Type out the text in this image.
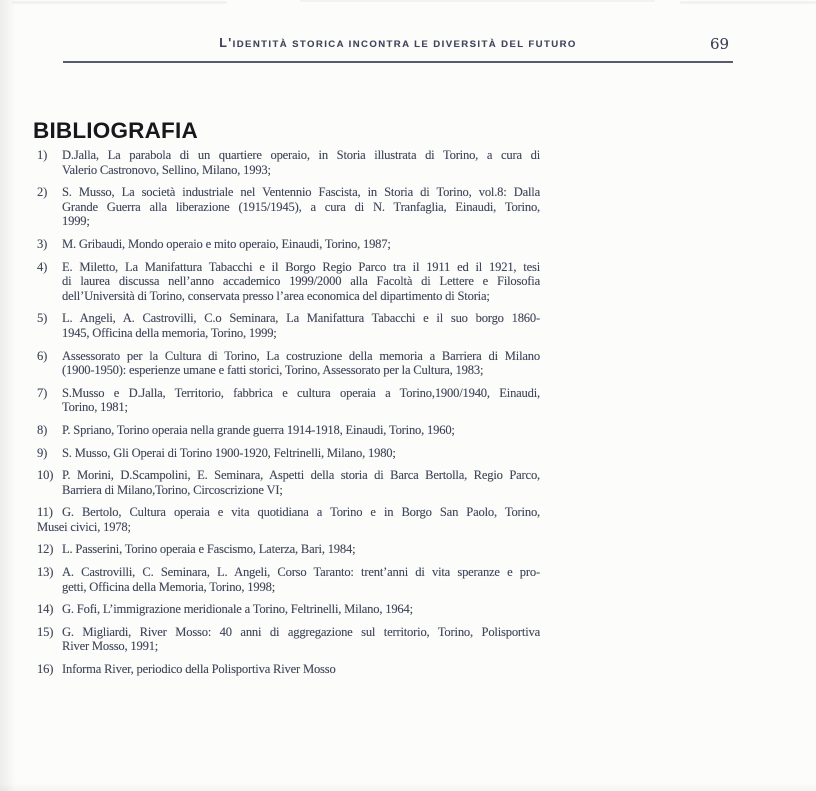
L'IDENTITÀ STORICA INCONTRA LE DIVERSITÀ DEL FUTURO	69
BIBLIOGRAFIA
1)	D.Jalla, La parabola di un quartiere operaio, in Storia illustrata di Torino, a cura di
Valerio Castronovo, Sellino, Milano, 1993;
2)	S. Musso, La società industriale nel Ventennio Fascista, in Storia di Torino, vol.8: Dalla
Grande Guerra alla liberazione (1915/1945), a cura di N. Tranfaglia, Einaudi, Torino,
1999;
3)	M. Gribaudi, Mondo operaio e mito operaio, Einaudi, Torino, 1987;
4)	E. Miletto, La Manifattura Tabacchi e il Borgo Regio Parco tra il 1911 ed il 1921, tesi
di laurea discussa nell’anno accademico 1999/2000 alla Facoltà di Lettere e Filosofia
dell’Università di Torino, conservata presso l’area economica del dipartimento di Storia;
5)	L. Angeli, A. Castrovilli, C.o Seminara, La Manifattura Tabacchi e il suo borgo 1860-
1945, Officina della memoria, Torino, 1999;
6)	Assessorato per la Cultura di Torino, La costruzione della memoria a Barriera di Milano
(1900-1950): esperienze umane e fatti storici, Torino, Assessorato per la Cultura, 1983;
7)	S.Musso e D.Jalla, Territorio, fabbrica e cultura operaia a Torino,1900/1940, Einaudi,
Torino, 1981;
8)	P. Spriano, Torino operaia nella grande guerra 1914-1918, Einaudi, Torino, 1960;
9)	S. Musso, Gli Operai di Torino 1900-1920, Feltrinelli, Milano, 1980;
10) P. Morini, D.Scampolini, E. Seminara, Aspetti della storia di Barca Bertolla, Regio Parco,
Barriera di Milano,Torino, Circoscrizione VI;
11) G. Bertolo, Cultura operaia e vita quotidiana a Torino e in Borgo San Paolo, Torino,
Musei civici, 1978;
12) L. Passerini, Torino operaia e Fascismo, Laterza, Bari, 1984;
13) A. Castrovilli, C. Seminara, L. Angeli, Corso Taranto: trent’anni di vita speranze e pro-
getti, Officina della Memoria, Torino, 1998;
14) G. Fofi, L’immigrazione meridionale a Torino, Feltrinelli, Milano, 1964;
15) G. Migliardi, River Mosso: 40 anni di aggregazione sul territorio, Torino, Polisportiva
River Mosso, 1991;
16) Informa River, periodico della Polisportiva River Mosso
